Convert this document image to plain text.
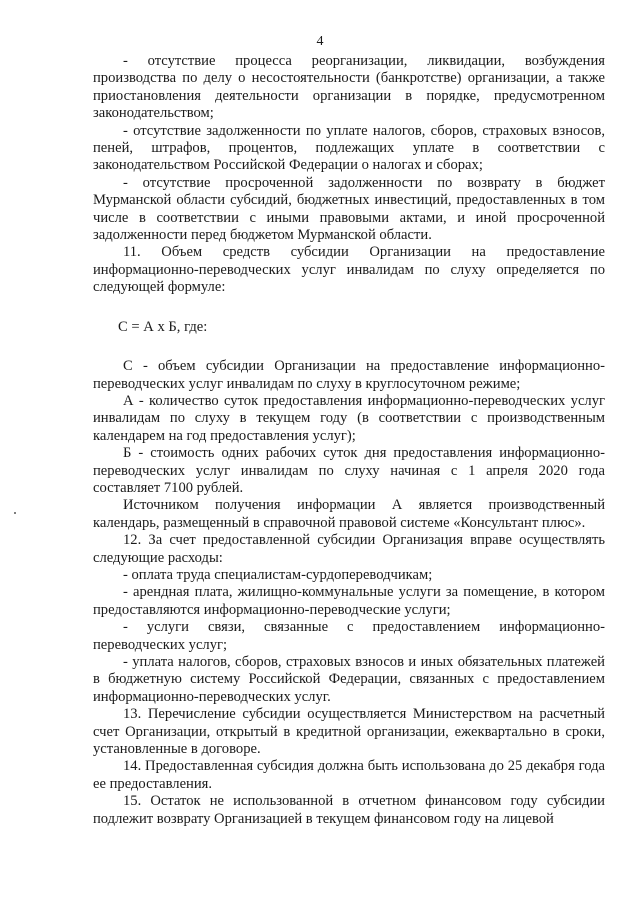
4

- отсутствие процесса реорганизации, ликвидации, возбуждения производства по делу о несостоятельности (банкротстве) организации, а также приостановления деятельности организации в порядке, предусмотренном законодательством;

- отсутствие задолженности по уплате налогов, сборов, страховых взносов, пеней, штрафов, процентов, подлежащих уплате в соответствии с законодательством Российской Федерации о налогах и сборах;

- отсутствие просроченной задолженности по возврату в бюджет Мурманской области субсидий, бюджетных инвестиций, предоставленных в том числе в соответствии с иными правовыми актами, и иной просроченной задолженности перед бюджетом Мурманской области.

11. Объем средств субсидии Организации на предоставление информационно-переводческих услуг инвалидам по слуху определяется по следующей формуле:

С = А х Б, где:

С - объем субсидии Организации на предоставление информационно-переводческих услуг инвалидам по слуху в круглосуточном режиме;

А - количество суток предоставления информационно-переводческих услуг инвалидам по слуху в текущем году (в соответствии с производственным календарем на год предоставления услуг);

Б - стоимость одних рабочих суток дня предоставления информационно-переводческих услуг инвалидам по слуху начиная с 1 апреля 2020 года составляет 7100 рублей.

Источником получения информации А является производственный календарь, размещенный в справочной правовой системе «Консультант плюс».

12. За счет предоставленной субсидии Организация вправе осуществлять следующие расходы:

- оплата труда специалистам-сурдопереводчикам;

- арендная плата, жилищно-коммунальные услуги за помещение, в котором предоставляются информационно-переводческие услуги;

- услуги связи, связанные с предоставлением информационно-переводческих услуг;

- уплата налогов, сборов, страховых взносов и иных обязательных платежей в бюджетную систему Российской Федерации, связанных с предоставлением информационно-переводческих услуг.

13. Перечисление субсидии осуществляется Министерством на расчетный счет Организации, открытый в кредитной организации, ежеквартально в сроки, установленные в договоре.

14. Предоставленная субсидия должна быть использована до 25 декабря года ее предоставления.

15. Остаток не использованной в отчетном финансовом году субсидии подлежит возврату Организацией в текущем финансовом году на лицевой
